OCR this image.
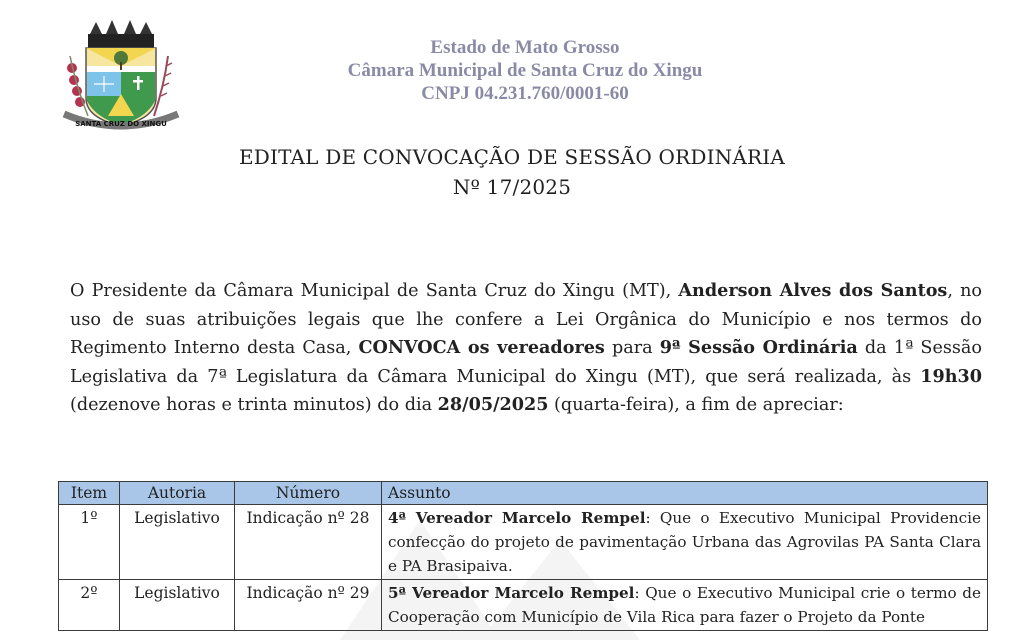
SANTA CRUZ DO XINGU
Estado de Mato Grosso
Câmara Municipal de Santa Cruz do Xingu
CNPJ 04.231.760/0001-60
EDITAL DE CONVOCAÇÃO DE SESSÃO ORDINÁRIA
Nº 17/2025
O Presidente da Câmara Municipal de Santa Cruz do Xingu (MT), Anderson Alves dos Santos, no uso de suas atribuições legais que lhe confere a Lei Orgânica do Município e nos termos do Regimento Interno desta Casa, CONVOCA os vereadores para 9ª Sessão Ordinária da 1ª Sessão Legislativa da 7ª Legislatura da Câmara Municipal do Xingu (MT), que será realizada, às 19h30 (dezenove horas e trinta minutos) do dia 28/05/2025 (quarta-feira), a fim de apreciar:
Item	Autoria	Número	Assunto
1º	Legislativo	Indicação nº 28	4ª Vereador Marcelo Rempel: Que o Executivo Municipal Providencie confecção do projeto de pavimentação Urbana das Agrovilas PA Santa Clara e PA Brasipaiva.
2º	Legislativo	Indicação nº 29	5ª Vereador Marcelo Rempel: Que o Executivo Municipal crie o termo de Cooperação com Município de Vila Rica para fazer o Projeto da Ponte
